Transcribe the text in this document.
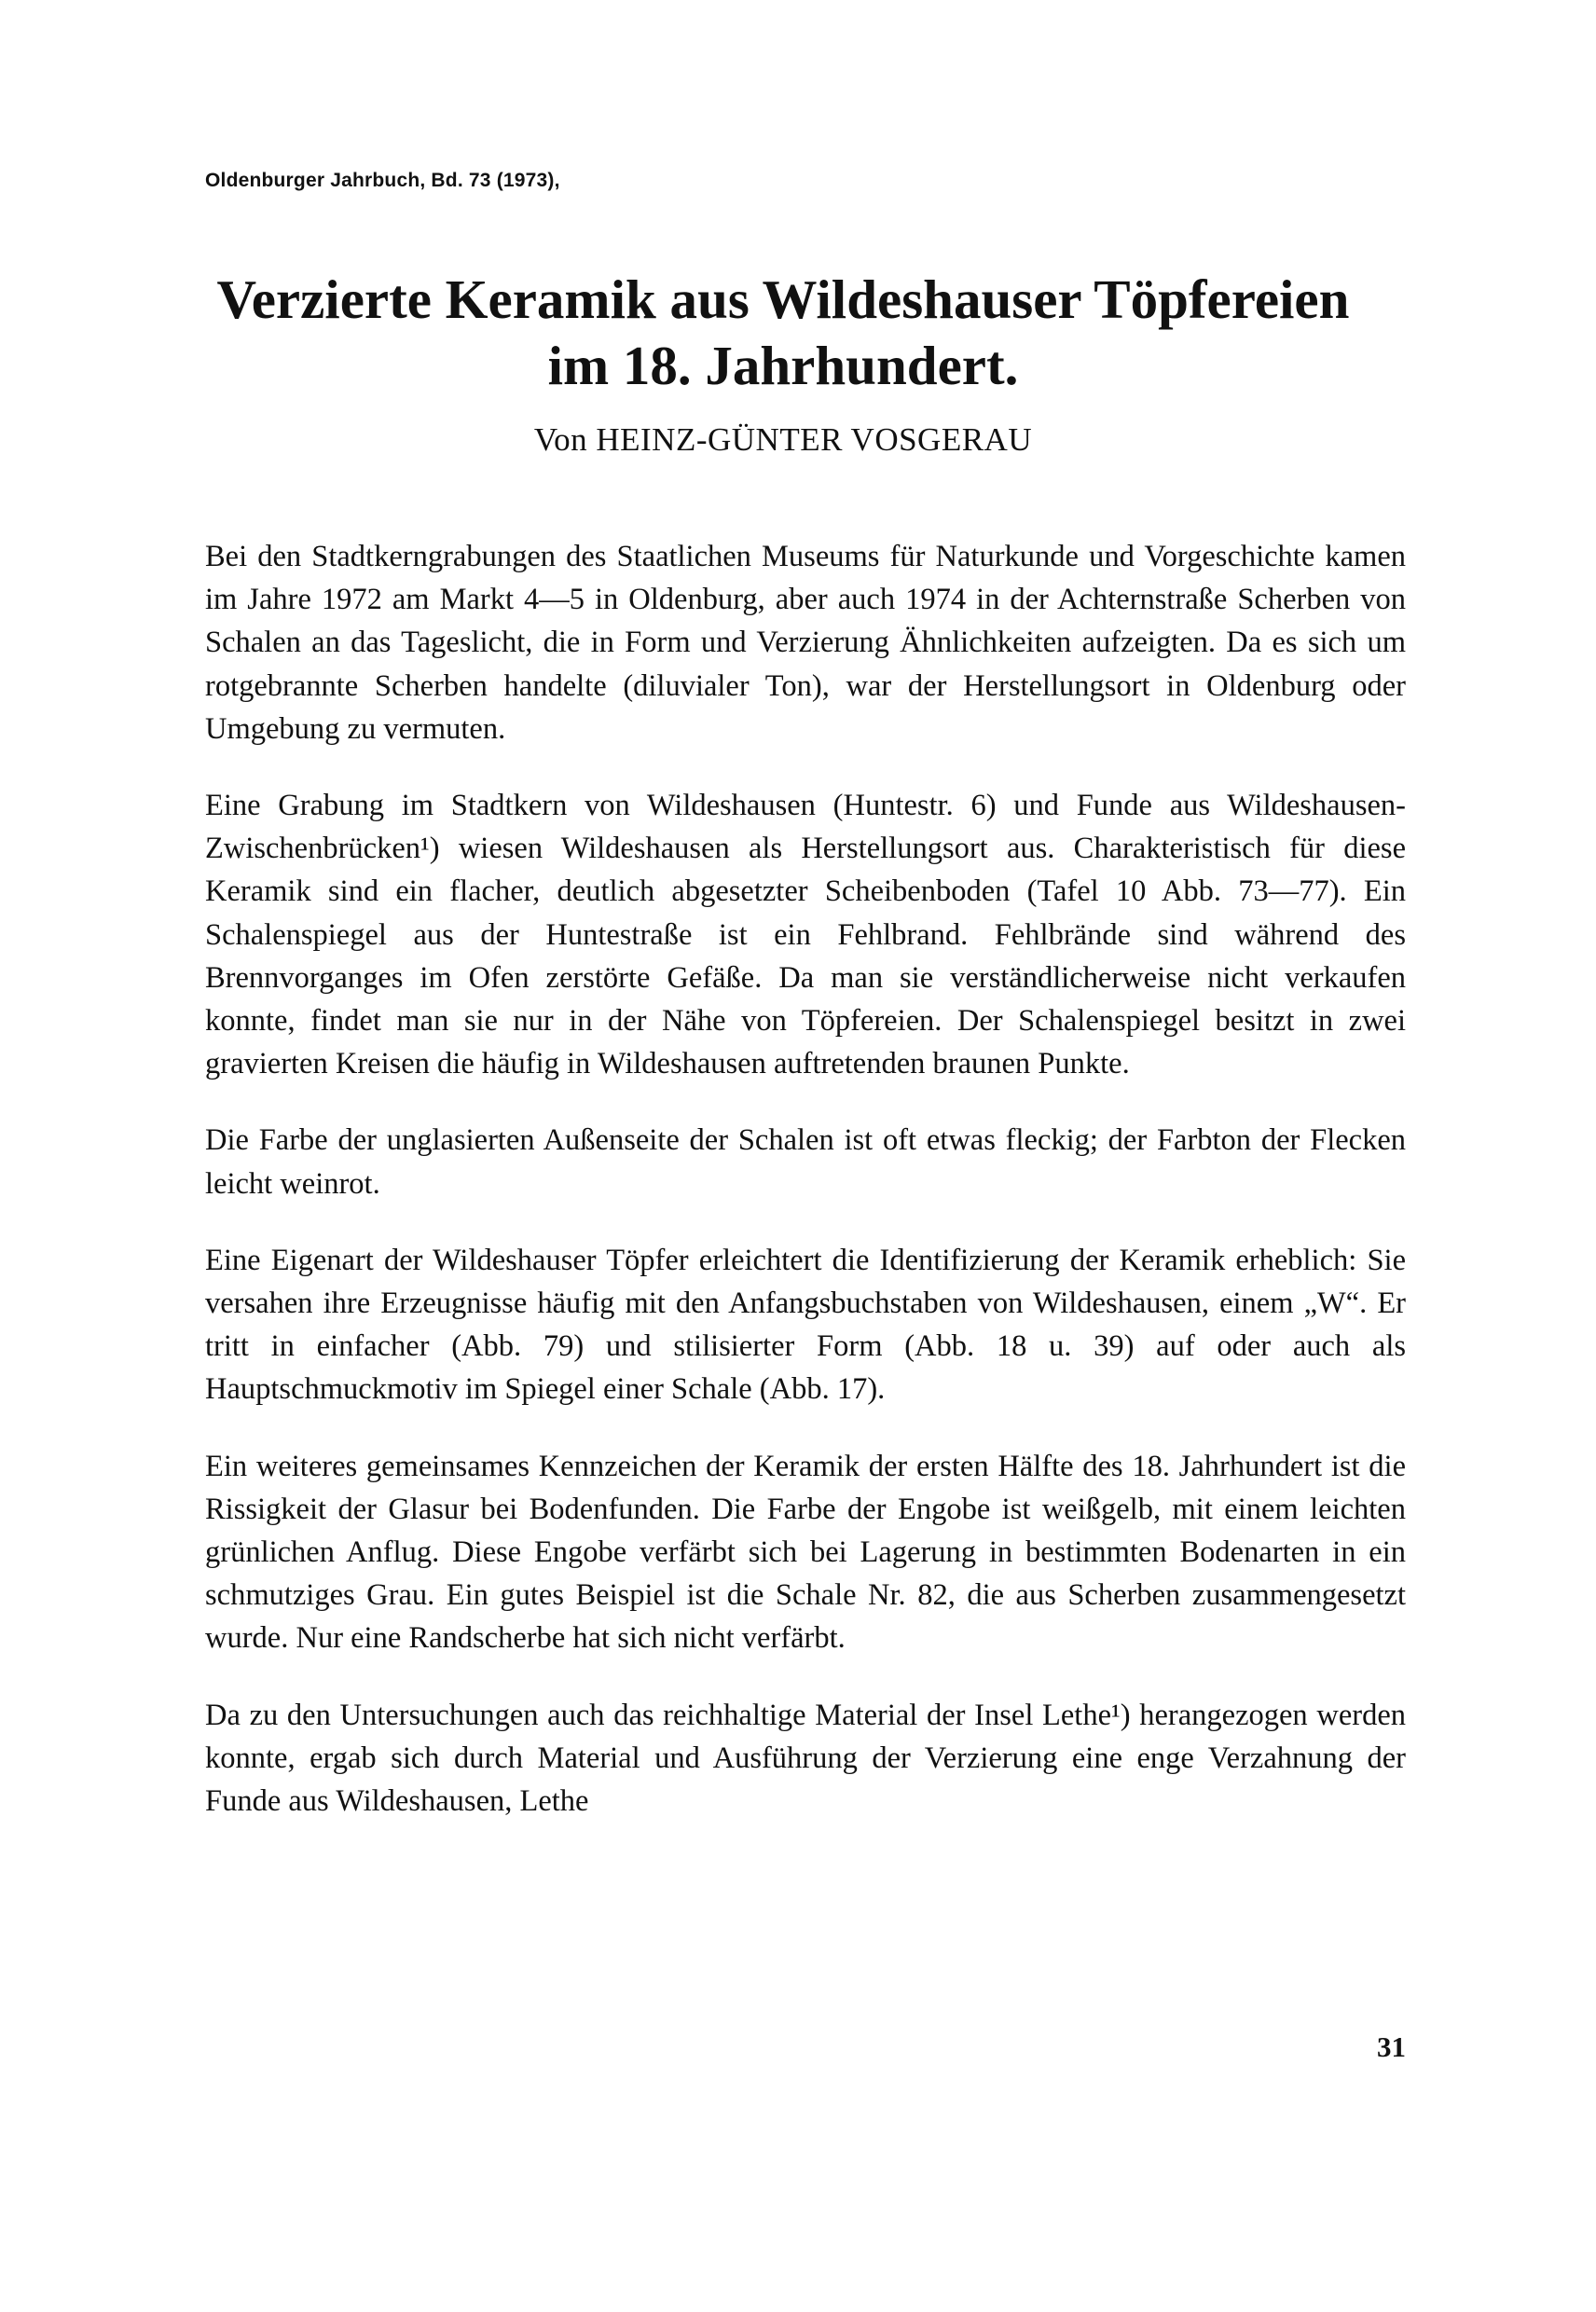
Oldenburger Jahrbuch, Bd. 73 (1973),
Verzierte Keramik aus Wildeshauser Töpfereien
im 18. Jahrhundert.
Von HEINZ-GÜNTER VOSGERAU

Bei den Stadtkerngrabungen des Staatlichen Museums für Naturkunde und Vorgeschichte kamen im Jahre 1972 am Markt 4—5 in Oldenburg, aber auch 1974 in der Achternstraße Scherben von Schalen an das Tageslicht, die in Form und Verzierung Ähnlichkeiten aufzeigten. Da es sich um rotgebrannte Scherben handelte (diluvialer Ton), war der Herstellungsort in Oldenburg oder Umgebung zu vermuten.

Eine Grabung im Stadtkern von Wildeshausen (Huntestr. 6) und Funde aus Wildeshausen-Zwischenbrücken¹) wiesen Wildeshausen als Herstellungsort aus. Charakteristisch für diese Keramik sind ein flacher, deutlich abgesetzter Scheibenboden (Tafel 10 Abb. 73—77). Ein Schalenspiegel aus der Huntestraße ist ein Fehlbrand. Fehlbrände sind während des Brennvorganges im Ofen zerstörte Gefäße. Da man sie verständlicherweise nicht verkaufen konnte, findet man sie nur in der Nähe von Töpfereien. Der Schalenspiegel besitzt in zwei gravierten Kreisen die häufig in Wildeshausen auftretenden braunen Punkte.

Die Farbe der unglasierten Außenseite der Schalen ist oft etwas fleckig; der Farbton der Flecken leicht weinrot.

Eine Eigenart der Wildeshauser Töpfer erleichtert die Identifizierung der Keramik erheblich: Sie versahen ihre Erzeugnisse häufig mit den Anfangsbuchstaben von Wildeshausen, einem „W“. Er tritt in einfacher (Abb. 79) und stilisierter Form (Abb. 18 u. 39) auf oder auch als Hauptschmuckmotiv im Spiegel einer Schale (Abb. 17).

Ein weiteres gemeinsames Kennzeichen der Keramik der ersten Hälfte des 18. Jahrhundert ist die Rissigkeit der Glasur bei Bodenfunden. Die Farbe der Engobe ist weißgelb, mit einem leichten grünlichen Anflug. Diese Engobe verfärbt sich bei Lagerung in bestimmten Bodenarten in ein schmutziges Grau. Ein gutes Beispiel ist die Schale Nr. 82, die aus Scherben zusammengesetzt wurde. Nur eine Randscherbe hat sich nicht verfärbt.

Da zu den Untersuchungen auch das reichhaltige Material der Insel Lethe¹) herangezogen werden konnte, ergab sich durch Material und Ausführung der Verzierung eine enge Verzahnung der Funde aus Wildeshausen, Lethe

31
